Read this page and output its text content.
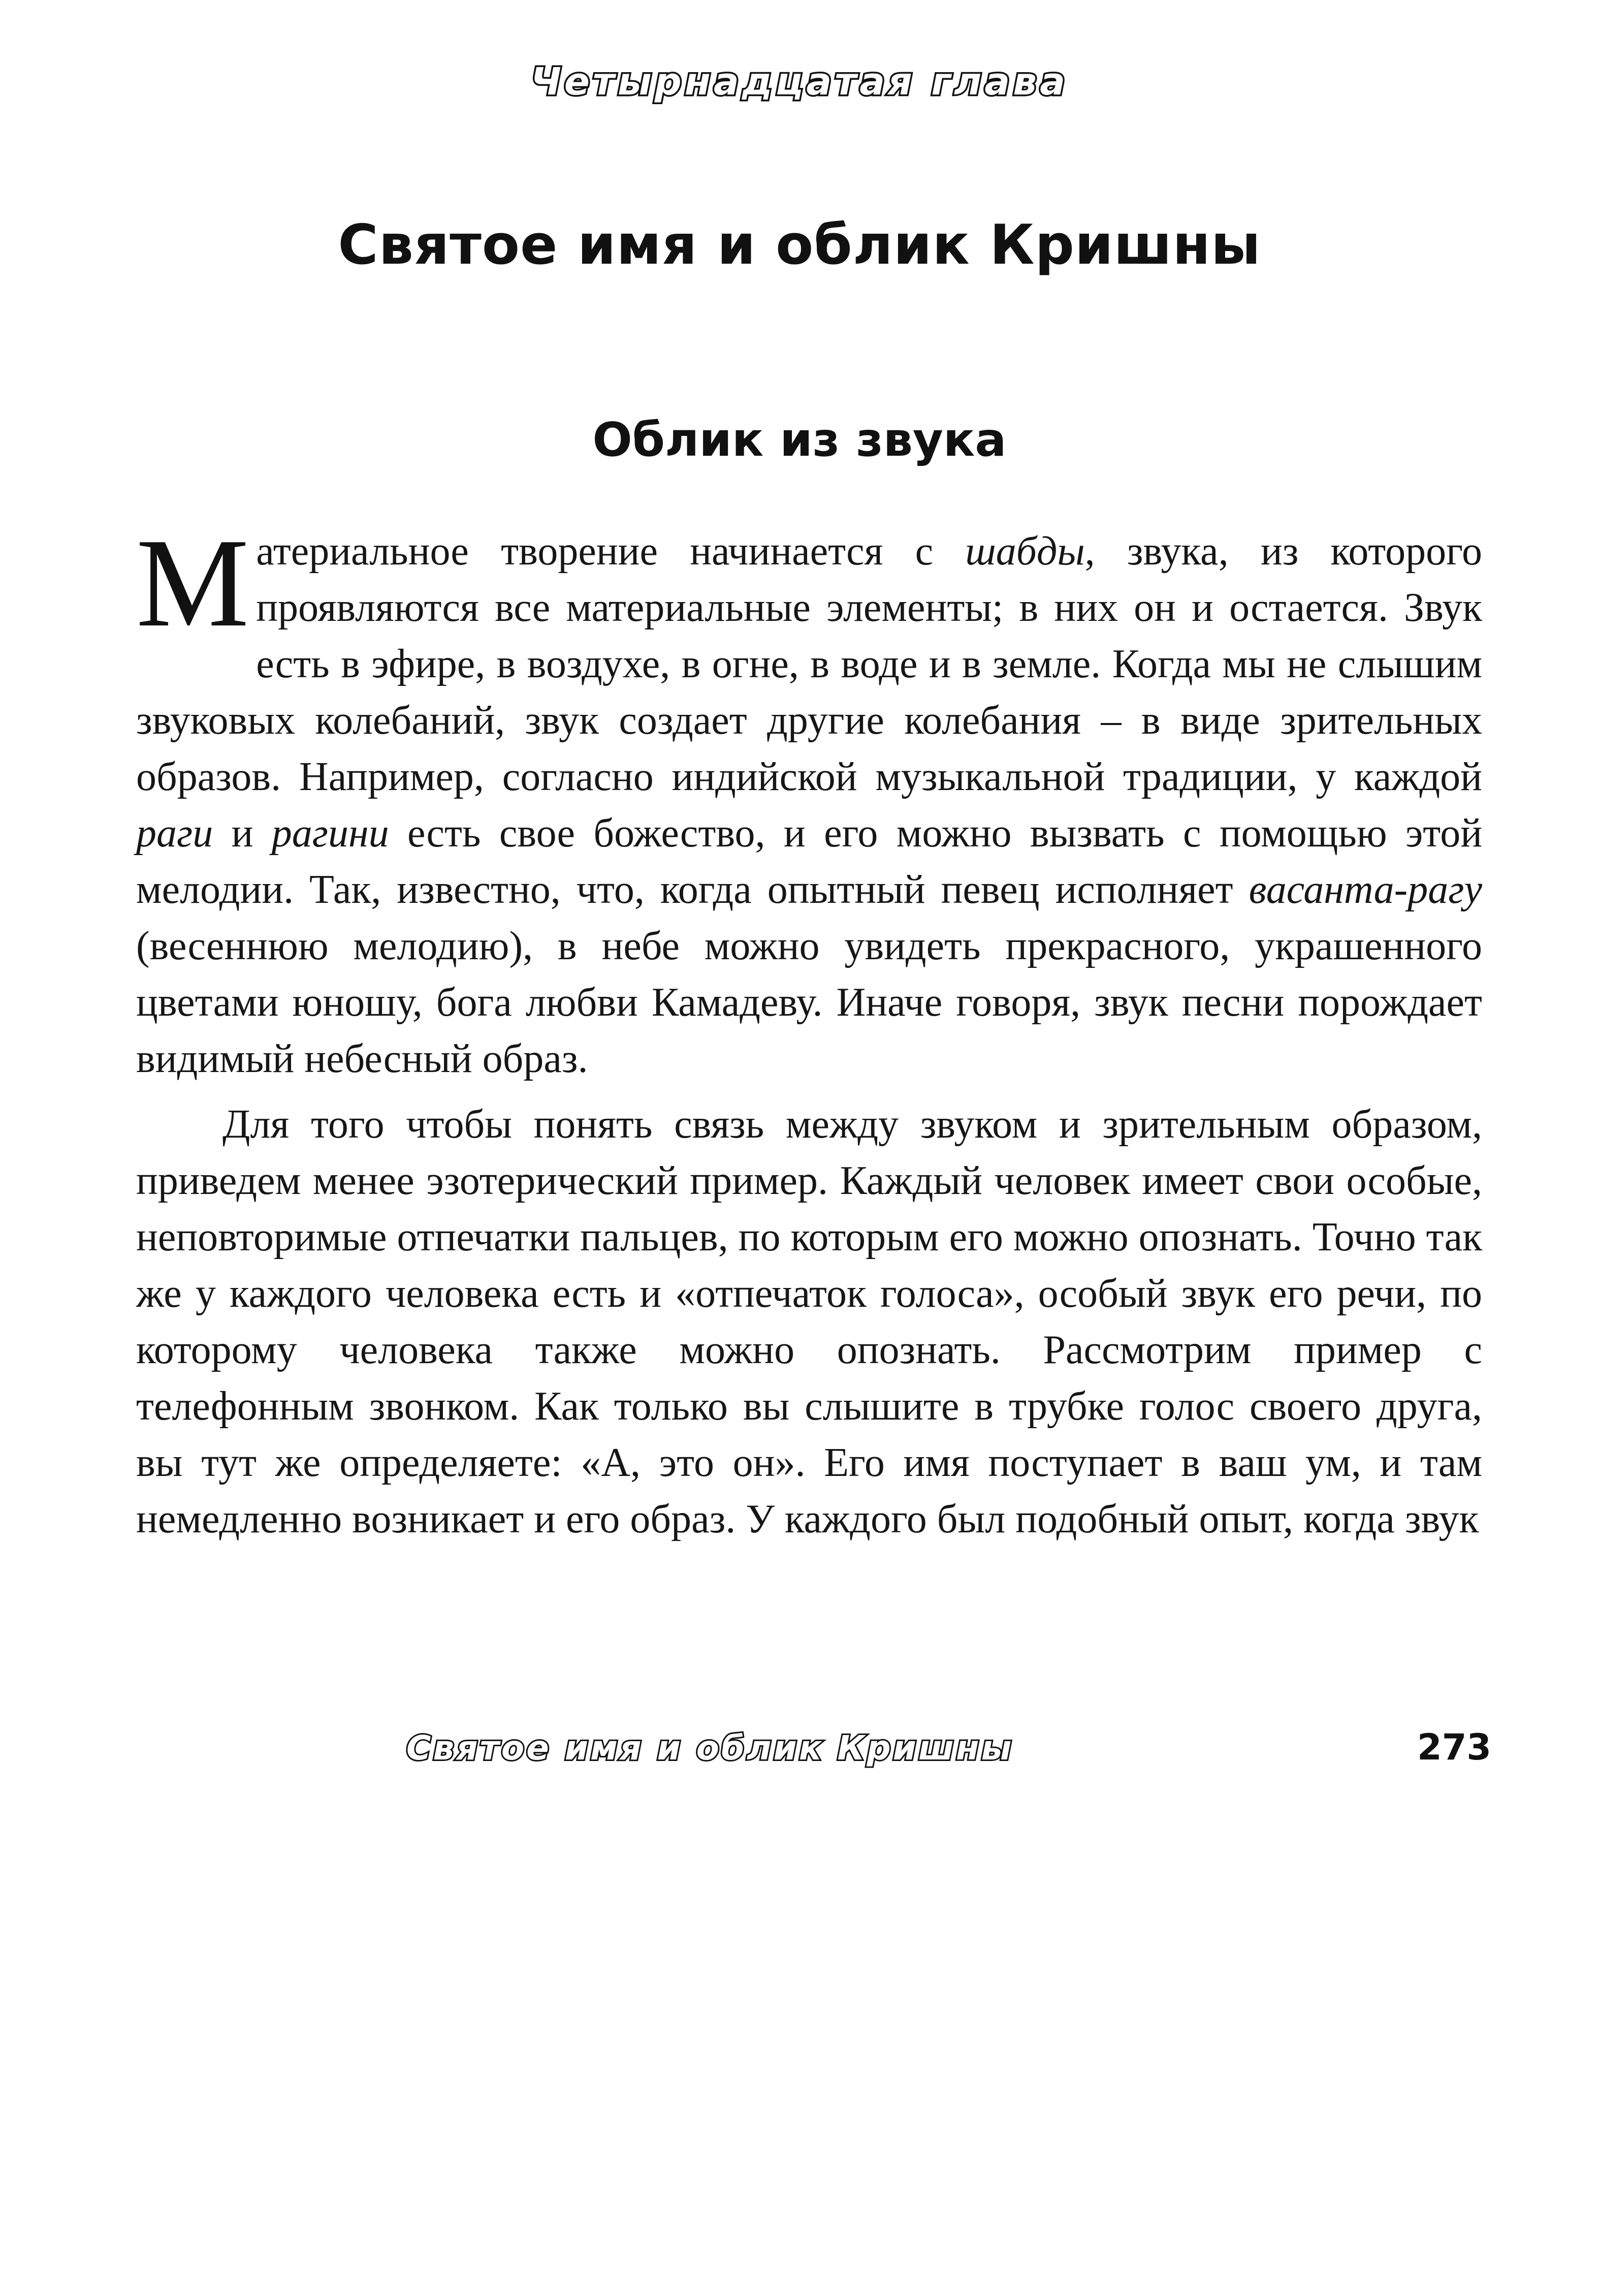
Четырнадцатая глава
Святое имя и облик Кришны
Облик из звука

Материальное творение начинается с шабды, звука, из которого проявляются все материальные элементы; в них он и остается. Звук есть в эфире, в воздухе, в огне, в воде и в земле. Когда мы не слышим звуковых колебаний, звук создает другие колебания – в виде зрительных образов. Например, согласно индийской музыкальной традиции, у каждой раги и рагини есть свое божество, и его можно вызвать с помощью этой мелодии. Так, известно, что, когда опытный певец исполняет васанта-рагу (весеннюю мелодию), в небе можно увидеть прекрасного, украшенного цветами юношу, бога любви Камадеву. Иначе говоря, звук песни порождает видимый небесный образ.

Для того чтобы понять связь между звуком и зрительным образом, приведем менее эзотерический пример. Каждый человек имеет свои особые, неповторимые отпечатки пальцев, по которым его можно опознать. Точно так же у каждого человека есть и «отпечаток голоса», особый звук его речи, по которому человека также можно опознать. Рассмотрим пример с телефонным звонком. Как только вы слышите в трубке голос своего друга, вы тут же определяете: «А, это он». Его имя поступает в ваш ум, и там немедленно возникает и его образ. У каждого был подобный опыт, когда звук

Святое имя и облик Кришны	273
